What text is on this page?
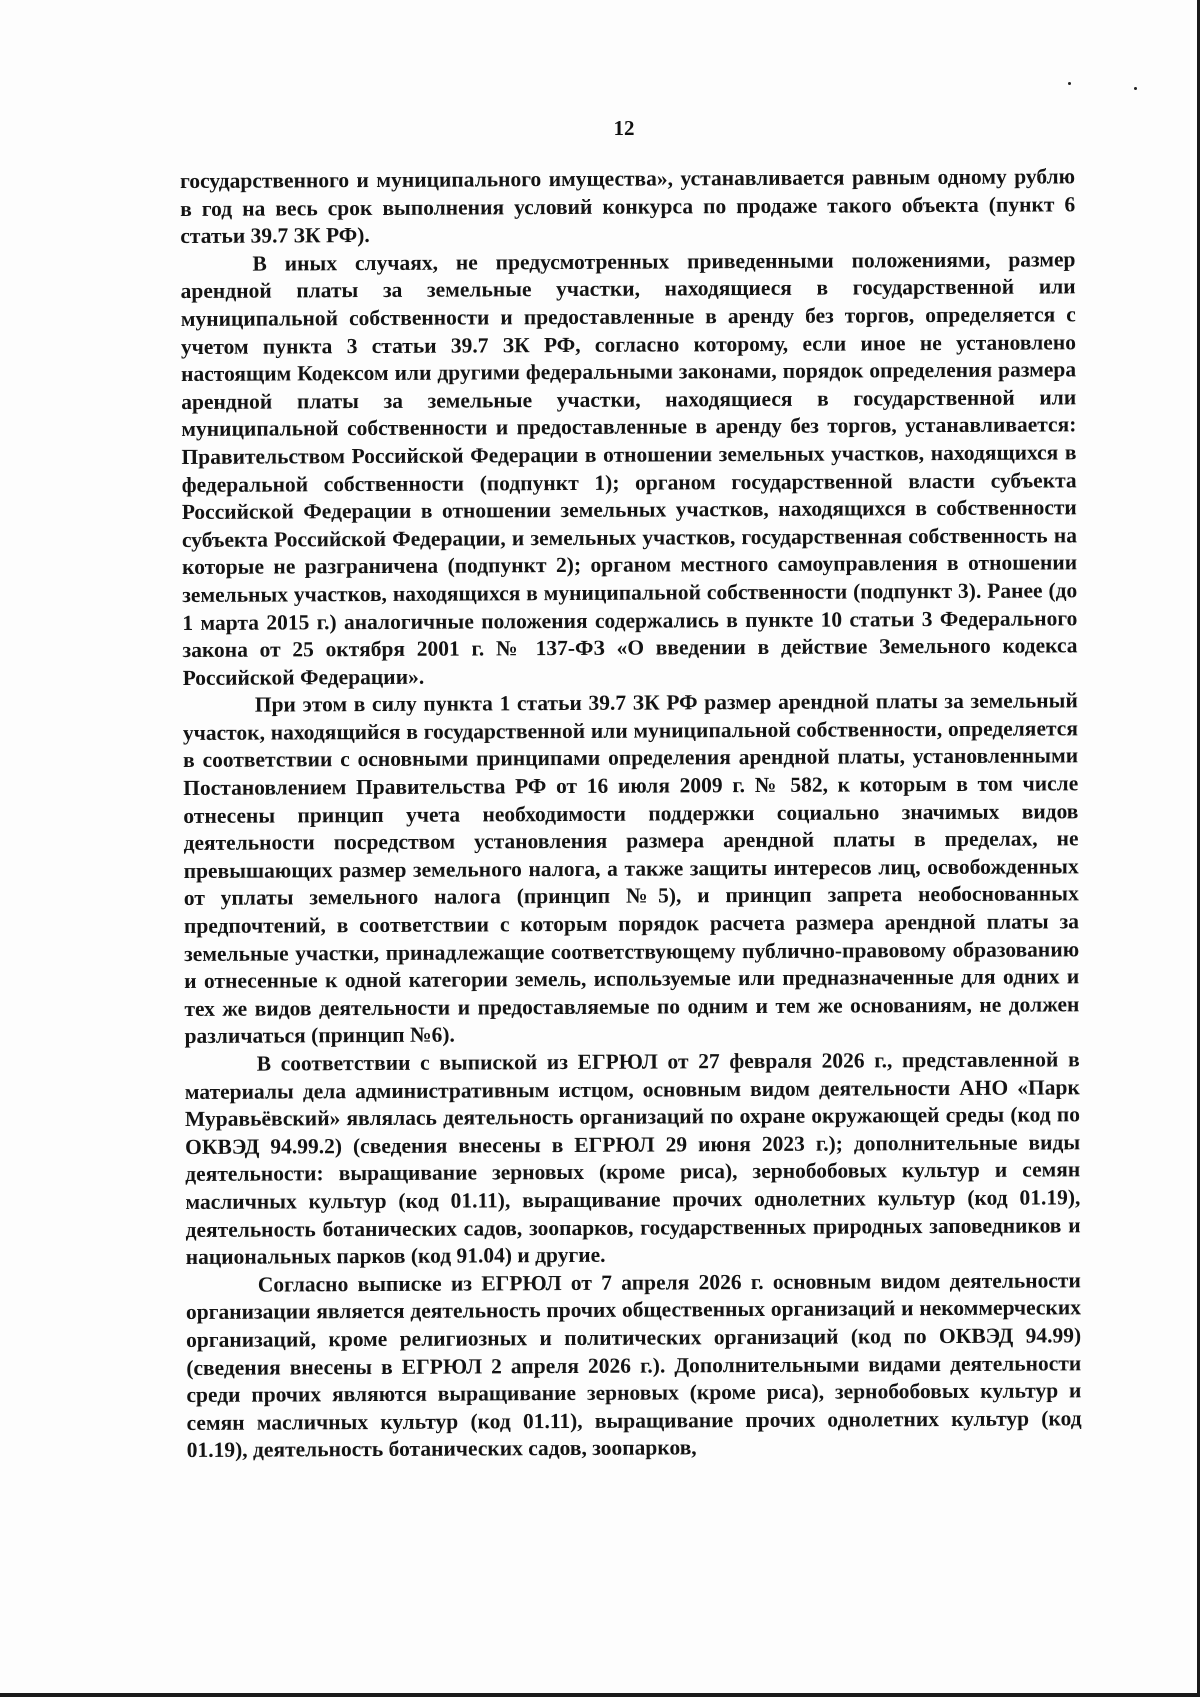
12

государственного и муниципального имущества», устанавливается равным одному рублю в год на весь срок выполнения условий конкурса по продаже такого объекта (пункт 6 статьи 39.7 ЗК РФ).

В иных случаях, не предусмотренных приведенными положениями, размер арендной платы за земельные участки, находящиеся в государственной или муниципальной собственности и предоставленные в аренду без торгов, определяется с учетом пункта 3 статьи 39.7 ЗК РФ, согласно которому, если иное не установлено настоящим Кодексом или другими федеральными законами, порядок определения размера арендной платы за земельные участки, находящиеся в государственной или муниципальной собственности и предоставленные в аренду без торгов, устанавливается: Правительством Российской Федерации в отношении земельных участков, находящихся в федеральной собственности (подпункт 1); органом государственной власти субъекта Российской Федерации в отношении земельных участков, находящихся в собственности субъекта Российской Федерации, и земельных участков, государственная собственность на которые не разграничена (подпункт 2); органом местного самоуправления в отношении земельных участков, находящихся в муниципальной собственности (подпункт 3). Ранее (до 1 марта 2015 г.) аналогичные положения содержались в пункте 10 статьи 3 Федерального закона от 25 октября 2001 г. № 137-ФЗ «О введении в действие Земельного кодекса Российской Федерации».

При этом в силу пункта 1 статьи 39.7 ЗК РФ размер арендной платы за земельный участок, находящийся в государственной или муниципальной собственности, определяется в соответствии с основными принципами определения арендной платы, установленными Постановлением Правительства РФ от 16 июля 2009 г. № 582, к которым в том числе отнесены принцип учета необходимости поддержки социально значимых видов деятельности посредством установления размера арендной платы в пределах, не превышающих размер земельного налога, а также защиты интересов лиц, освобожденных от уплаты земельного налога (принцип №5), и принцип запрета необоснованных предпочтений, в соответствии с которым порядок расчета размера арендной платы за земельные участки, принадлежащие соответствующему публично-правовому образованию и отнесенные к одной категории земель, используемые или предназначенные для одних и тех же видов деятельности и предоставляемые по одним и тем же основаниям, не должен различаться (принцип №6).

В соответствии с выпиской из ЕГРЮЛ от 27 февраля 2026 г., представленной в материалы дела административным истцом, основным видом деятельности АНО «Парк Муравьёвский» являлась деятельность организаций по охране окружающей среды (код по ОКВЭД 94.99.2) (сведения внесены в ЕГРЮЛ 29 июня 2023 г.); дополнительные виды деятельности: выращивание зерновых (кроме риса), зернобобовых культур и семян масличных культур (код 01.11), выращивание прочих однолетних культур (код 01.19), деятельность ботанических садов, зоопарков, государственных природных заповедников и национальных парков (код 91.04) и другие.

Согласно выписке из ЕГРЮЛ от 7 апреля 2026 г. основным видом деятельности организации является деятельность прочих общественных организаций и некоммерческих организаций, кроме религиозных и политических организаций (код по ОКВЭД 94.99) (сведения внесены в ЕГРЮЛ 2 апреля 2026 г.). Дополнительными видами деятельности среди прочих являются выращивание зерновых (кроме риса), зернобобовых культур и семян масличных культур (код 01.11), выращивание прочих однолетних культур (код 01.19), деятельность ботанических садов, зоопарков,
